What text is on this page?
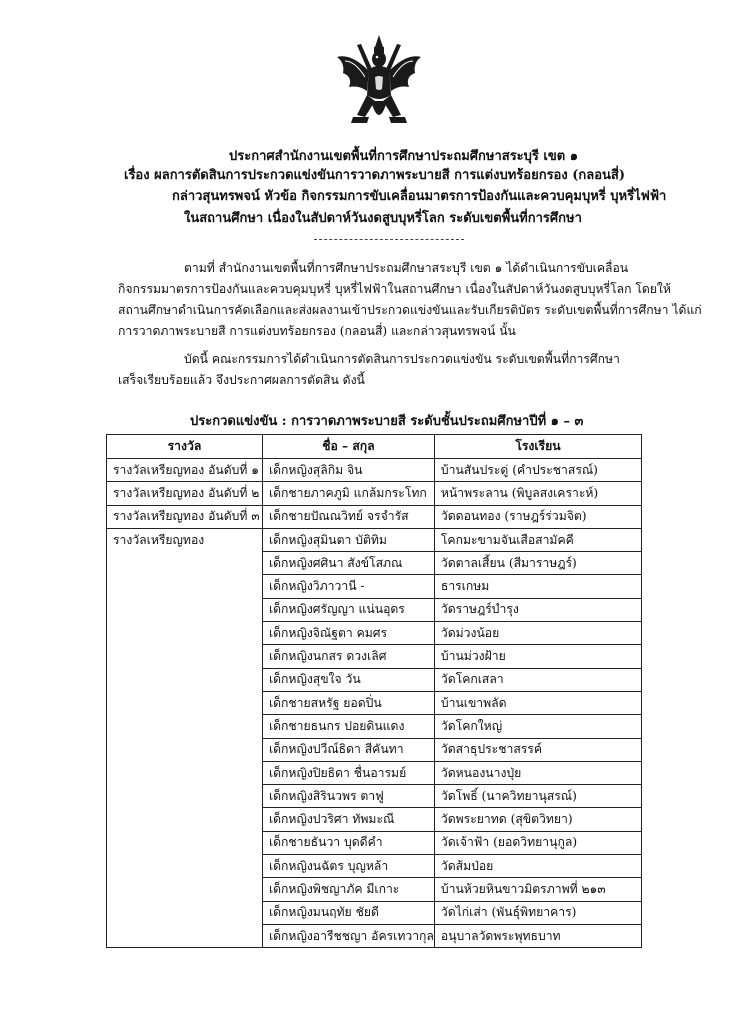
ประกาศสำนักงานเขตพื้นที่การศึกษาประถมศึกษาสระบุรี เขต ๑
เรื่อง ผลการตัดสินการประกวดแข่งขันการวาดภาพระบายสี การแต่งบทร้อยกรอง (กลอนสี่)
กล่าวสุนทรพจน์ หัวข้อ กิจกรรมการขับเคลื่อนมาตรการป้องกันและควบคุมบุหรี่ บุหรี่ไฟฟ้า
ในสถานศึกษา เนื่องในสัปดาห์วันงดสูบบุหรี่โลก ระดับเขตพื้นที่การศึกษา
ตามที่ สำนักงานเขตพื้นที่การศึกษาประถมศึกษาสระบุรี เขต ๑ ได้ดำเนินการขับเคลื่อน
กิจกรรมมาตรการป้องกันและควบคุมบุหรี่ บุหรี่ไฟฟ้าในสถานศึกษา เนื่องในสัปดาห์วันงดสูบบุหรี่โลก โดยให้
สถานศึกษาดำเนินการคัดเลือกและส่งผลงานเข้าประกวดแข่งขันและรับเกียรติบัตร ระดับเขตพื้นที่การศึกษา ได้แก่
การวาดภาพระบายสี การแต่งบทร้อยกรอง (กลอนสี่) และกล่าวสุนทรพจน์ นั้น
บัดนี้ คณะกรรมการได้ดำเนินการตัดสินการประกวดแข่งขัน ระดับเขตพื้นที่การศึกษา
เสร็จเรียบร้อยแล้ว จึงประกาศผลการตัดสิน ดังนี้
ประกวดแข่งขัน : การวาดภาพระบายสี ระดับชั้นประถมศึกษาปีที่ ๑ – ๓
รางวัล	ชื่อ – สกุล	โรงเรียน
รางวัลเหรียญทอง อันดับที่ ๑	เด็กหญิงสุลิกิม จิน	บ้านสันประดู่ (คำประชาสรณ์)
รางวัลเหรียญทอง อันดับที่ ๒	เด็กชายภาคภูมิ แกล้มกระโทก	หน้าพระลาน (พิบูลสงเคราะห์)
รางวัลเหรียญทอง อันดับที่ ๓	เด็กชายปัณณวิทย์ จรจำรัส	วัดดอนทอง (ราษฎร์ร่วมจิต)
รางวัลเหรียญทอง	เด็กหญิงสุมินตา บัติทิม	โคกมะขามจันเสือสามัคคี
	เด็กหญิงศศินา สังข์โสภณ	วัดตาลเสี้ยน (สีมาราษฎร์)
	เด็กหญิงวิภาวานี -	ธารเกษม
	เด็กหญิงศรัญญา แน่นอุดร	วัดราษฎร์บำรุง
	เด็กหญิงจิณัฐตา คมศร	วัดม่วงน้อย
	เด็กหญิงนกสร ดวงเลิศ	บ้านม่วงฝ้าย
	เด็กหญิงสุขใจ วัน	วัดโคกเสลา
	เด็กชายสหรัฐ ยอดปิ่น	บ้านเขาพลัด
	เด็กชายธนกร ปอยดินแดง	วัดโคกใหญ่
	เด็กหญิงปวีณ์ธิดา สีคันทา	วัดสาธุประชาสรรค์
	เด็กหญิงปิยธิดา ชื่นอารมย์	วัดหนองนางปุ่ย
	เด็กหญิงสิรินวพร ตาฟู	วัดโพธิ์ (นาควิทยานุสรณ์)
	เด็กหญิงปวริศา ทัพมะณี	วัดพระยาทด (สุขิตวิทยา)
	เด็กชายธันวา บุดดีคำ	วัดเจ้าฟ้า (ยอดวิทยานุกูล)
	เด็กหญิงนฉัตร บุญหล้า	วัดส้มป่อย
	เด็กหญิงพิชญาภัค มีเกาะ	บ้านห้วยหินขาวมิตรภาพที่ ๒๑๓
	เด็กหญิงมนฤทัย ชัยดี	วัดไก่เส่า (พันธุ์พิทยาคาร)
	เด็กหญิงอารีชชญา อัครเทวากุล	อนุบาลวัดพระพุทธบาท
